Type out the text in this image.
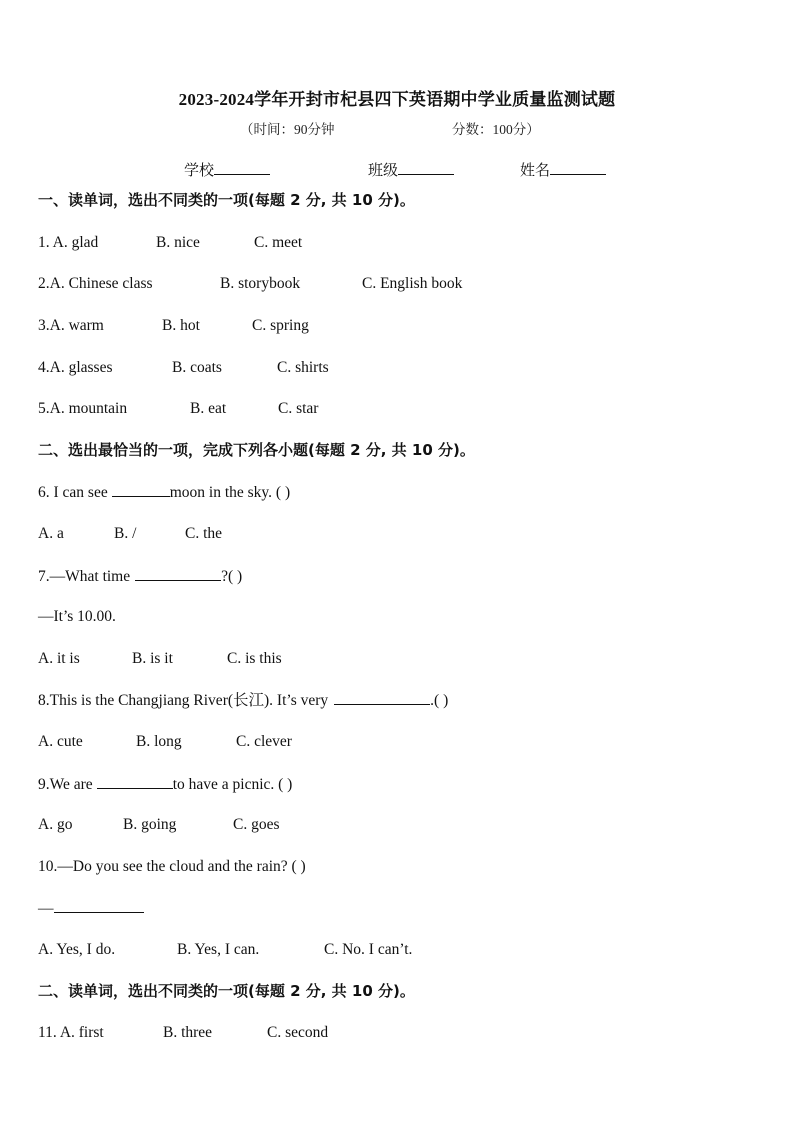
2023-2024学年开封市杞县四下英语期中学业质量监测试题
（时间：90分钟	分数：100分）
学校	班级	姓名
一、读单词，选出不同类的一项(每题 2 分, 共 10 分)。
1. A. glad	B. nice	C. meet
2.A. Chinese class	B. storybook	C. English book
3.A. warm	B. hot	C. spring
4.A. glasses	B. coats	C. shirts
5.A. mountain	B. eat	C. star
二、选出最恰当的一项，完成下列各小题(每题 2 分, 共 10 分)。
6. I can see	moon in the sky. ( )
A. a	B. /	C. the
7.—What time	?( )
—It’s 10.00.
A. it is	B. is it	C. is this
8.This is the Changjiang River(长江). It’s very	.( )
A. cute	B. long	C. clever
9.We are	to have a picnic. ( )
A. go	B. going	C. goes
10.—Do you see the cloud and the rain? ( )
—
A. Yes, I do.	B. Yes, I can.	C. No. I can’t.
二、读单词，选出不同类的一项(每题 2 分, 共 10 分)。
11. A. first	B. three	C. second
